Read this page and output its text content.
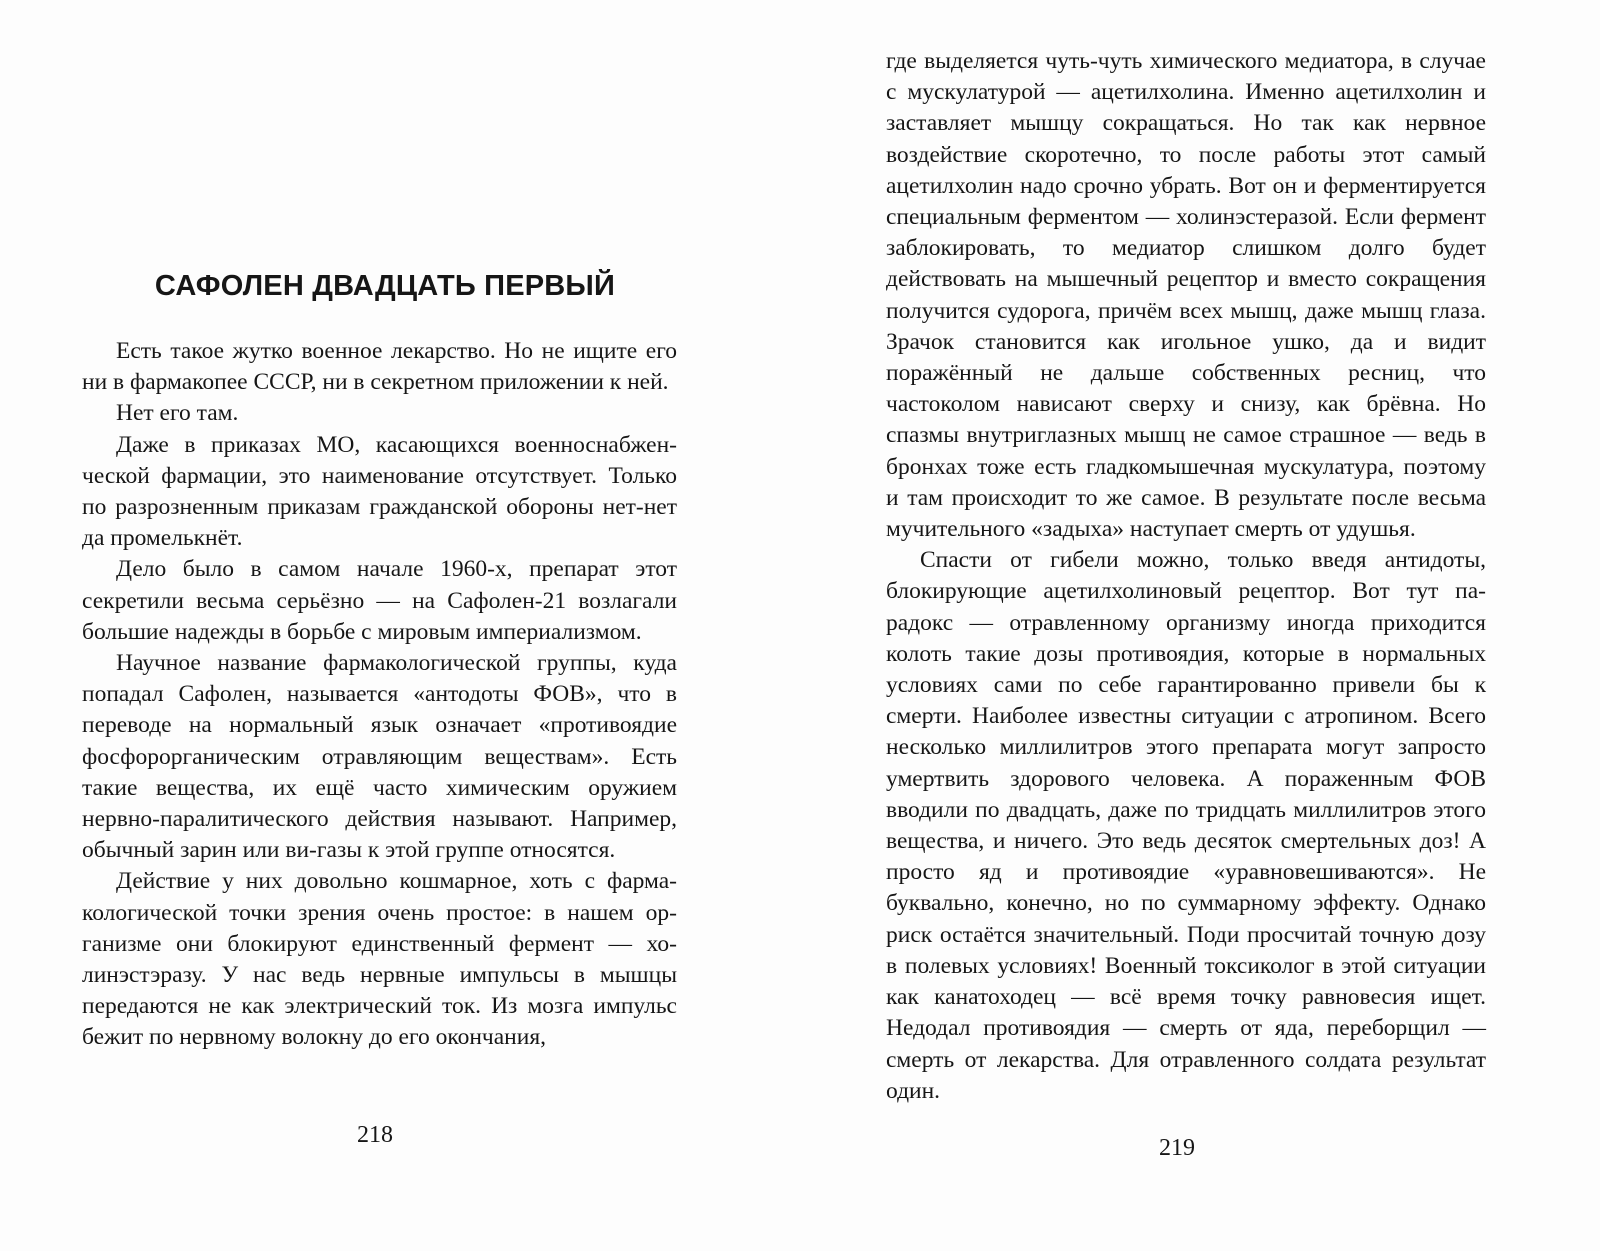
САФОЛЕН ДВАДЦАТЬ ПЕРВЫЙ

Есть такое жутко военное лекарство. Но не ищите его ни в фармакопее СССР, ни в секретном приложении к ней.

Нет его там.

Даже в приказах МО, касающихся военноснабженческой фармации, это наименование отсутствует. Только по разрозненным приказам гражданской обороны нет-нет да промелькнёт.

Дело было в самом начале 1960-х, препарат этот секретили весьма серьёзно — на Сафолен-21 возлагали большие надежды в борьбе с мировым империализмом.

Научное название фармакологической группы, куда попадал Сафолен, называется «антодоты ФОВ», что в переводе на нормальный язык означает «противоядие фосфорорганическим отравляющим веществам». Есть такие вещества, их ещё часто химическим оружием нервно-паралитического действия называют. Например, обычный зарин или ви-газы к этой группе относятся.

Действие у них довольно кошмарное, хоть с фармакологической точки зрения очень простое: в нашем организме они блокируют единственный фермент — холинэстэразу. У нас ведь нервные импульсы в мышцы передаются не как электрический ток. Из мозга импульс бежит по нервному волокну до его окончания,

218

где выделяется чуть-чуть химического медиатора, в случае с мускулатурой — ацетилхолина. Именно ацетилхолин и заставляет мышцу сокращаться. Но так как нервное воздействие скоротечно, то после работы этот самый ацетилхолин надо срочно убрать. Вот он и ферментируется специальным ферментом — холинэстеразой. Если фермент заблокировать, то медиатор слишком долго будет действовать на мышечный рецептор и вместо сокращения получится судорога, причём всех мышц, даже мышц глаза. Зрачок становится как игольное ушко, да и видит поражённый не дальше собственных ресниц, что частоколом нависают сверху и снизу, как брёвна. Но спазмы внутриглазных мышц не самое страшное — ведь в бронхах тоже есть гладкомышечная мускулатура, поэтому и там происходит то же самое. В результате после весьма мучительного «задыха» наступает смерть от удушья.

Спасти от гибели можно, только введя антидоты, блокирующие ацетилхолиновый рецептор. Вот тут парадокс — отравленному организму иногда приходится колоть такие дозы противоядия, которые в нормальных условиях сами по себе гарантированно привели бы к смерти. Наиболее известны ситуации с атропином. Всего несколько миллилитров этого препарата могут запросто умертвить здорового человека. А пораженным ФОВ вводили по двадцать, даже по тридцать миллилитров этого вещества, и ничего. Это ведь десяток смертельных доз! А просто яд и противоядие «уравновешиваются». Не буквально, конечно, но по суммарному эффекту. Однако риск остаётся значительный. Поди просчитай точную дозу в полевых условиях! Военный токсиколог в этой ситуации как канатоходец — всё время точку равновесия ищет. Недодал противоядия — смерть от яда, переборщил — смерть от лекарства. Для отравленного солдата результат один.

219
